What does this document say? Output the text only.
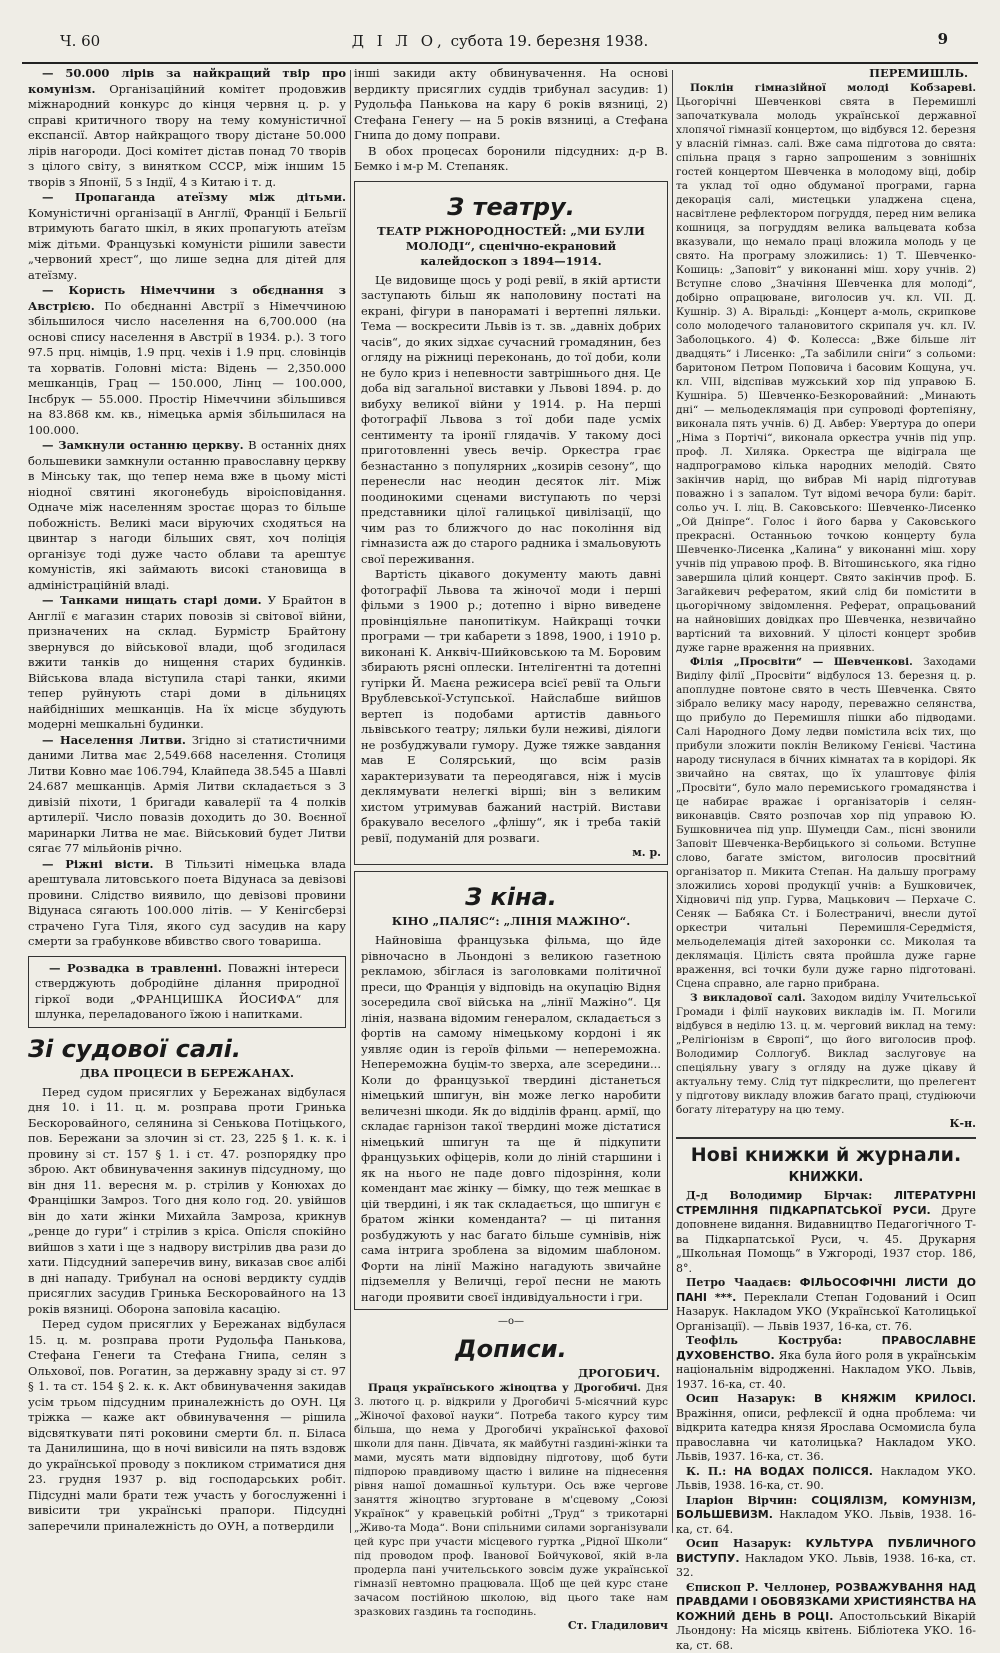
Ч. 60	Д І Л О, субота 19. березня 1938.	9

— 50.000 лірів за найкращий твір про комунізм. Організаційний комітет продовжив міжнародний конкурс до кінця червня ц. р. у справі критичного твору на тему комуністичної експансії. Автор найкращого твору дістане 50.000 лірів нагороди. Досі комітет дістав понад 70 творів з цілого світу, з винятком СССР, між іншим 15 творів з Японії, 5 з Індії, 4 з Китаю і т. д.

— Пропаганда атеїзму між дітьми. Комуністичні організації в Англії, Франції і Бельгії втримують багато шкіл, в яких пропагують атеїзм між дітьми. Французькі комуністи рішили завести „червоний хрест“, що лише зедна для дітей для атеїзму.

— Користь Німеччини з обєднання з Австрією. По обєднанні Австрії з Німеччиною збільшилося число населення на 6,700.000 (на основі спису населення в Австрії в 1934. р.). З того 97.5 прц. німців, 1.9 прц. чехів і 1.9 прц. словінців та хорватів. Головні міста: Відень — 2,350.000 мешканців, Грац — 150.000, Лінц — 100.000, Інсбрук — 55.000. Простір Німеччини збільшився на 83.868 км. кв., німецька армія збільшилася на 100.000.

— Замкнули останню церкву. В останніх днях большевики замкнули останню православну церкву в Мінську так, що тепер нема вже в цьому місті ніодної святині якогонебудь віроісповідання. Одначе між населенням зростає щораз то більше побожність. Великі маси віруючих сходяться на цвинтар з нагоди більших свят, хоч поліція організує тоді дуже часто облави та арештує комуністів, які займають високі становища в адміністраційній владі.

— Танками нищать старі доми. У Брайтон в Англії є магазин старих повозів зі світової війни, призначених на склад. Бурмістр Брайтону звернувся до військової влади, щоб згодилася вжити танків до нищення старих будинків. Військова влада віступила старі танки, якими тепер руйнують старі доми в дільницях найбідніших мешканців. На їх місце збудують модерні мешкальні будинки.

— Населення Литви. Згідно зі статистичними даними Литва має 2,549.668 населення. Столиця Литви Ковно має 106.794, Клайпеда 38.545 а Шавлі 24.687 мешканців. Армія Литви складається з 3 дивізій піхоти, 1 бригади кавалерії та 4 полків артилерії. Число повазів доходить до 30. Воєнної маринарки Литва не має. Військовий будет Литви сягає 77 мільйонів річно.

— Ріжні вісти. В Тільзиті німецька влада арештувала литовського поета Відунаса за девізові провини. Слідство виявило, що девізові провини Відунаса сягають 100.000 літів. — У Кенігсберзі страчено Гуга Тіля, якого суд засудив на кару смерти за грабункове вбивство свого товариша.

— Розвадка в травленні. Поважні інтереси стверджують добродійне ділання природної гіркої води „ФРАНЦИШКА ЙОСИФА“ для шлунка, переладованого їжою і напитками.

Зі судової салі.
ДВА ПРОЦЕСИ В БЕРЕЖАНАХ.

Перед судом присяглих у Бережанах відбулася дня 10. і 11. ц. м. розправа проти Гринька Бескоровайного, селянина зі Сенькова Потіцького, пов. Бережани за злочин зі ст. 23, 225 § 1. к. к. і провину зі ст. 157 § 1. і ст. 47. розпорядку про зброю. Акт обвинувачення закинув підсудному, що він дня 11. вересня м. р. стрілив у Конюхах до Францішки Замроз. Того дня коло год. 20. увійшов він до хати жінки Михайла Замроза, крикнув „ренце до гури“ і стрілив з кріса. Опісля спокійно вийшов з хати і ще з надвору вистрілив два рази до хати. Підсудний заперечив вину, виказав своє алібі в дні нападу. Трибунал на основі вердикту суддів присяглих засудив Гринька Бескоровайного на 13 років вязниці. Оборона заповіла касацію.

Перед судом присяглих у Бережанах відбулася 15. ц. м. розправа проти Рудольфа Панькова, Стефана Генеги та Стефана Гнипа, селян з Ольхової, пов. Рогатин, за державну зраду зі ст. 97 § 1. та ст. 154 § 2. к. к. Акт обвинувачення закидав усім трьом підсудним приналежність до ОУН. Ця тріжка — каже акт обвинувачення — рішила відсвяткувати пяті роковини смерти бл. п. Біласа та Данилишина, що в ночі вивісили на пять вздовж до української проводу з покликом стриматися дня 23. грудня 1937 р. від господарських робіт. Підсудні мали брати теж участь у богослуженні і вивісити три українські прапори. Підсудні заперечили приналежність до ОУН, а потвердили

інші закиди акту обвинувачення. На основі вердикту присяглих суддів трибунал засудив: 1) Рудольфа Панькова на кару 6 років вязниці, 2) Стефана Генегу — на 5 років вязниці, а Стефана Гнипа до дому поправи.

В обох процесах боронили підсудних: д-р В. Бемко і м-р М. Степаняк.

З театру.
ТЕАТР РІЖНОРОДНОСТЕЙ: „МИ БУЛИ МОЛОДІ“, сценічно-екрановий калейдоскоп з 1894—1914.

Це видовище щось у роді ревії, в якій артисти заступають більш як наполовину постаті на екрані, фігури в панораматі і вертепні ляльки. Тема — воскресити Львів із т. зв. „давніх добрих часів“, до яких зідхає сучасний громадянин, без огляду на ріжниці переконань, до тої доби, коли не було криз і непевности завтрішнього дня. Це доба від загальної виставки у Львові 1894. р. до вибуху великої війни у 1914. р. На перші фотографії Львова з тої доби паде усміх сентименту та іронії глядачів. У такому досі приготовленні увесь вечір. Оркестра грає безнастанно з популярних „козирів сезону“, що перенесли нас неодин десяток літ. Між поодинокими сценами виступають по черзі представники цілої галицької цивілізації, що чим раз то ближчого до нас покоління від гімназиста аж до старого радника і змальовують свої переживання.

Вартість цікавого документу мають давні фотографії Львова та жіночої моди і перші фільми з 1900 р.; дотепно і вірно виведене провінціяльне панопитікум. Найкращі точки програми — три кабарети з 1898, 1900, і 1910 р. виконані К. Анквіч-Шийковською та М. Боровим збирають рясні оплески. Інтелігентні та дотепні гутірки Й. Маєна режисера всієї ревії та Ольги Врублевської-Уступської. Найслабше вийшов вертеп із подобами артистів давнього львівського театру; ляльки були неживі, діялоги не розбуджували гумору. Дуже тяжке завдання мав Е Солярський, що всім разів характеризувати та переодягався, ніж і мусів деклямувати нелегкі вірші; він з великим хистом утримував бажаний настрій. Вистави бракувало веселого „флішу“, як і треба такій ревії, подуманій для розваги.

м. р.
З кіна.
КІНО „ПАЛЯС“: „ЛІНІЯ МАЖІНО“.

Найновіша французька фільма, що йде рівночасно в Льондоні з великою газетною рекламою, збіглася із заголовками політичної преси, що Франція у відповідь на окупацію Відня зосередила свої війська на „лінії Мажіно“. Ця лінія, названа відомим генералом, складається з фортів на самому німецькому кордоні і як уявляє один із героїв фільми — непереможна. Непереможна буцім-то зверха, але зсередини... Коли до французької твердині дістанеться німецький шпигун, він може легко наробити величезні шкоди. Як до відділів франц. армії, що складає гарнізон такої твердині може дістатися німецький шпигун та ще й підкупити французьких офіцерів, коли до ліній старшини і як на нього не паде довго підозріння, коли комендант має жінку — бімку, що теж мешкає в цій твердині, і як так складається, що шпигун є братом жінки коменданта? — ці питання розбуджують у нас багато більше сумнівів, ніж сама інтрига зроблена за відомим шаблоном. Форти на лінії Мажіно нагадують звичайне підземелля у Величці, герої песни не мають нагоди проявити своєї індивідуальности і гри.

—o—
Дописи.
ДРОГОБИЧ.

Праця українського жіноцтва у Дрогобичі. Дня 3. лютого ц. р. відкрили у Дрогобичі 5-місячний курс „Жіночої фахової науки“. Потреба такого курсу тим більша, що нема у Дрогобичі української фахової школи для панн. Дівчата, як майбутні газдині-жінки та мами, мусять мати відповідну підготову, щоб бути підпорою правдивому щастю і вилине на піднесення рівня нашої домашньої культури. Ось вже чергове заняття жіноцтво згуртоване в м'сцевому „Союзі Українок“ у кравецькій робітні „Труд“ з трикотарні „Живо-та Мода“. Вони спільними силами зорганізували цей курс при участи місцевого гуртка „Рідної Школи“ під проводом проф. Іванової Бойчукової, якій в-ла продерла пані учительського зовсім дуже української гімназії невтомно працювала. Щоб ще цей курс стане зачасом постійною школою, від цього таке нам зразкових газдинь та господинь.

Ст. Гладилович
ПЕРЕМИШЛЬ.

Поклін гімназійної молоді Кобзареві. Цьогорічні Шевченкові свята в Перемишлі започаткувала молодь української державної хлопячої гімназії концертом, що відбувся 12. березня у власній гімназ. салі. Вже сама підготова до свята: спільна праця з гарно запрошеним з зовнішніх гостей концертом Шевченка в молодому віці, добір та уклад тої одно обдуманої програми, гарна декорація салі, мистецьки уладжена сцена, насвітлене рефлектором погруддя, перед ним велика кошниця, за погруддям велика вальцевата кобза вказували, що немало праці вложила молодь у це свято. На програму зложились: 1) Т. Шевченко-Кошиць: „Заповіт“ у виконанні міш. хору учнів. 2) Вступне слово „Значіння Шевченка для молоді“, добірно опрацюване, виголосив уч. кл. VII. Д. Кушнір. 3) А. Віральді: „Концерт а-моль, скрипкове соло молодечого талановитого скрипаля уч. кл. IV. Заболоцького. 4) Ф. Колесса: „Вже більше літ двадцять“ і Лисенко: „Та забілили сніги“ з сольоми: баритоном Петром Поповича і басовим Кощуна, уч. кл. VIII, відспівав мужський хор під управою Б. Кушніра. 5) Шевченко-Безкоровайний: „Минають дні“ — мельодеклямація при супроводі фортепіяну, виконала пять учнів. 6) Д. Авбер: Увертура до опери „Німа з Портічі“, виконала оркестра учнів під упр. проф. Л. Хиляка. Оркестра ще відіграла ще надпрограмово кілька народних мелодій. Свято закінчив нарід, що вибрав Мі нарід підготував поважно і з запалом. Тут відомі вечора були: баріт. сольо уч. І. ліц. В. Саковського: Шевченко-Лисенко „Ой Дніпре“. Голос і його барва у Саковського прекрасні. Останньою точкою концерту була Шевченко-Лисенка „Калина“ у виконанні міш. хору учнів під управою проф. В. Вітошинського, яка гідно завершила цілий концерт. Свято закінчив проф. Б. Загайкевич рефератом, який слід би помістити в цьогорічному звідомлення. Реферат, опрацьований на найновіших довідках про Шевченка, незвичайно вартісний та виховний. У цілості концерт зробив дуже гарне враження на приявних.

Філія „Просвіти“ — Шевченкові. Заходами Виділу філії „Просвіти“ відбулося 13. березня ц. р. апоплудне повтоне свято в честь Шевченка. Свято зібрало велику масу народу, переважно селянства, що прибуло до Перемишля пішки або підводами. Салі Народного Дому ледви помістила всіх тих, що прибули зложити поклін Великому Генієві. Частина народу тиснулася в бічних кімнатах та в корідорі. Як звичайно на святах, що їх улаштовує філія „Просвіти“, було мало перемиського громадянства і це набирає вражає і організаторів і селян-виконавців. Свято розпочав хор під управою Ю. Бушковничеа під упр. Шумецди Сам., пісні звонили Заповіт Шевченка-Вербицького зі сольоми. Вступне слово, багате змістом, виголосив просвітний організатор п. Микита Степан. На дальшу програму зложились хорові продукції учнів: а Бушковичек, Хідновичі під упр. Гурва, Мацькович — Перхаче С. Сеняк — Бабяка Ст. і Болестраничі, внесли дутої оркестри читальні Перемишля-Середмістя, мельоделемація дітей захоронки сс. Миколая та деклямація. Цілість свята пройшла дуже гарне враження, всі точки були дуже гарно підготовані. Сцена справно, але гарно прибрана.

З викладової салі. Заходом виділу Учительської Громади і філії наукових викладів ім. П. Могили відбувся в неділю 13. ц. м. черговий виклад на тему: „Релігіонізм в Європі“, що його виголосив проф. Володимир Соллогуб. Виклад заслуговує на спеціяльну увагу з огляду на дуже цікаву й актуальну тему. Слід тут підкреслити, що прелегент у підготову викладу вложив багато праці, студіюючи богату літературу на цю тему.

К-н.
Нові книжки й журнали.
КНИЖКИ.

Д-д Володимир Бірчак: ЛІТЕРАТУРНІ СТРЕМЛІННЯ ПІДКАРПАТСЬКОЇ РУСИ. Друге доповнене видання. Видавництво Педагогічного Т-ва Підкарпатської Руси, ч. 45. Друкарня „Школьная Помощь“ в Ужгороді, 1937 стор. 186, 8°.

Петро Чаадаєв: ФІЛЬОСОФІЧНІ ЛИСТИ ДО ПАНІ ***. Переклали Степан Годований і Осип Назарук. Накладом УКО (Української Католицької Організації). — Львів 1937, 16-ка, ст. 76.

Теофіль Коструба:	ПРАВОСЛАВНЕ ДУХОВЕНСТВО. Яка була його роля в українськім національнім відродженні. Накладом УКО. Львів, 1937. 16-ка, ст. 40.

Осип Назарук: В КНЯЖІМ КРИЛОСІ. Вражіння, описи, рефлексії й одна проблема: чи відкрита катедра князя Ярослава Осмомисла була православна чи католицька? Накладом УКО. Львів, 1937. 16-ка, ст. 36.

К. П.: НА ВОДАХ ПОЛІССЯ. Накладом УКО. Львів, 1938. 16-ка, ст. 90.

Іларіон Вірчин: СОЦІЯЛІЗМ, КОМУНІЗМ, БОЛЬШЕВИЗМ. Накладом УКО. Львів, 1938. 16-ка, ст. 64.

Осип Назарук: КУЛЬТУРА ПУБЛИЧНОГО ВИСТУПУ. Накладом УКО. Львів, 1938. 16-ка, ст. 32.

Єпископ Р. Челлонер, РОЗВАЖУВАННЯ НАД ПРАВДАМИ І ОБОВЯЗКАМИ ХРИСТИЯНСТВА НА КОЖНИЙ ДЕНЬ В РОЦІ. Апостольський Вікарій Льондону: На місяць квітень. Бібліотека УКО. 16-ка, ст. 68.
